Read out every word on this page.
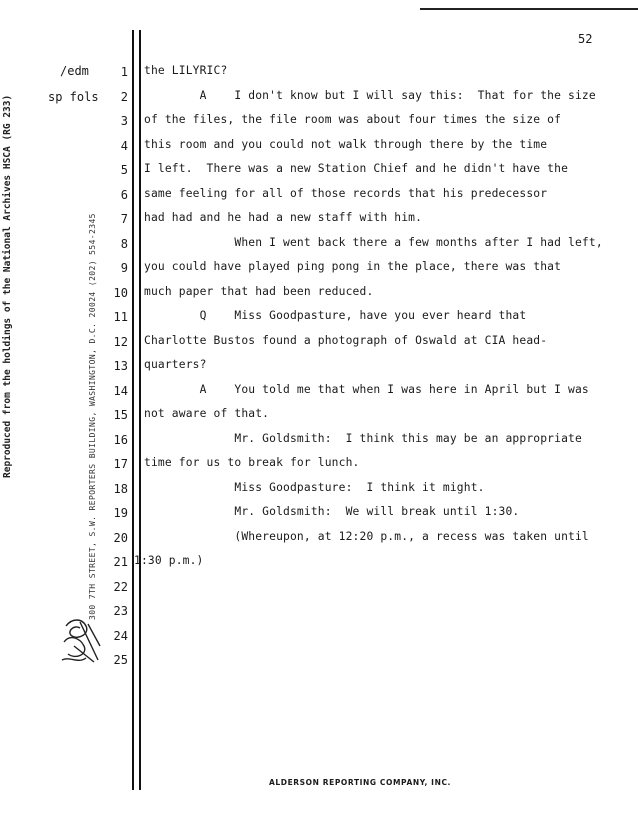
52
/edm
sp fols
Reproduced from the holdings of the National Archives HSCA (RG 233)	300 7TH STREET, S.W. REPORTERS BUILDING, WASHINGTON, D.C. 20024 (202) 554-2345
1 the LILYRIC?
2 A    I don't know but I will say this:  That for the size
3 of the files, the file room was about four times the size of
4 this room and you could not walk through there by the time
5 I left.  There was a new Station Chief and he didn't have the
6 same feeling for all of those records that his predecessor
7 had had and he had a new staff with him.
8 When I went back there a few months after I had left,
9 you could have played ping pong in the place, there was that
10 much paper that had been reduced.
11 Q    Miss Goodpasture, have you ever heard that
12 Charlotte Bustos found a photograph of Oswald at CIA head-
13 quarters?
14 A    You told me that when I was here in April but I was
15 not aware of that.
16 Mr. Goldsmith:  I think this may be an appropriate
17 time for us to break for lunch.
18 Miss Goodpasture:  I think it might.
19 Mr. Goldsmith:  We will break until 1:30.
20 (Whereupon, at 12:20 p.m., a recess was taken until
21 1:30 p.m.)
22
23
24
25
ALDERSON REPORTING COMPANY, INC.
